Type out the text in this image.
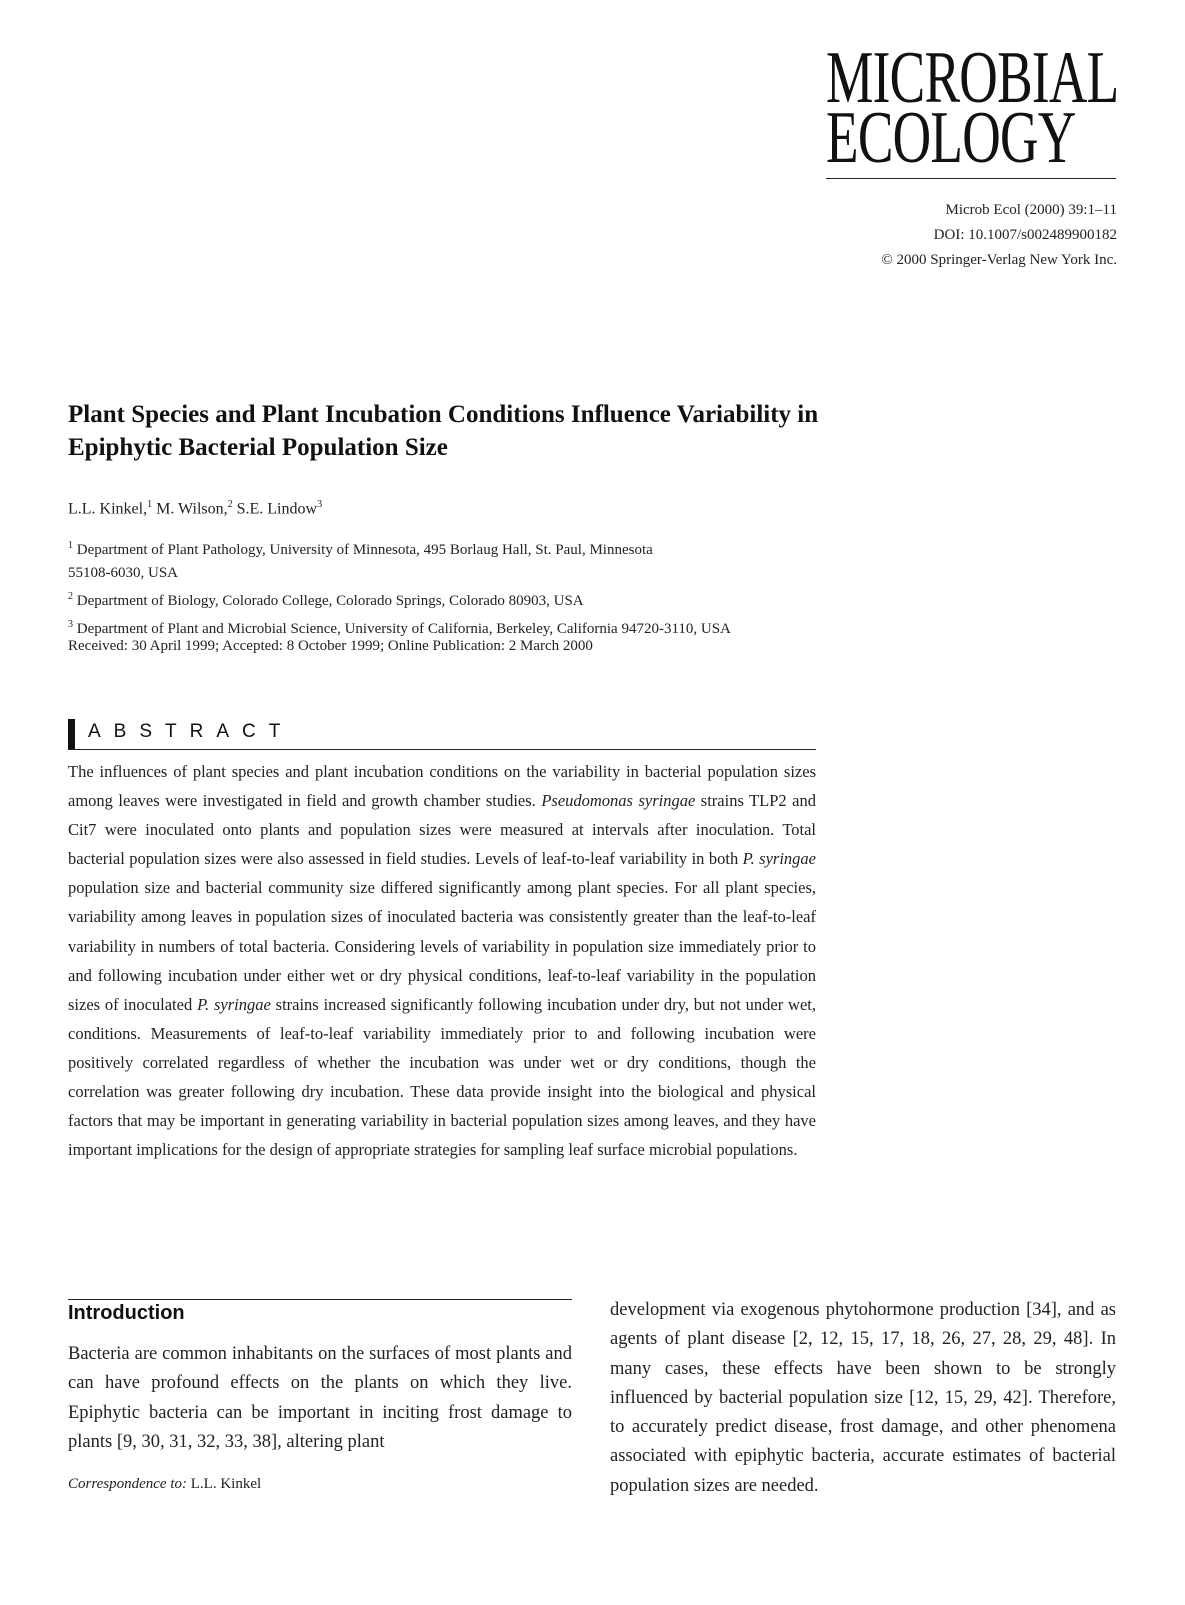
MICROBIAL
ECOLOGY
Microb Ecol (2000) 39:1–11
DOI: 10.1007/s002489900182
© 2000 Springer-Verlag New York Inc.
Plant Species and Plant Incubation Conditions Influence Variability in Epiphytic Bacterial Population Size
L.L. Kinkel,$^1$ M. Wilson,$^2$ S.E. Lindow$^3$
$^1$ Department of Plant Pathology, University of Minnesota, 495 Borlaug Hall, St. Paul, Minnesota
55108-6030, USA
$^2$ Department of Biology, Colorado College, Colorado Springs, Colorado 80903, USA
$^3$ Department of Plant and Microbial Science, University of California, Berkeley, California 94720-3110, USA
Received: 30 April 1999; Accepted: 8 October 1999; Online Publication: 2 March 2000
ABSTRACT

The influences of plant species and plant incubation conditions on the variability in bacterial population sizes among leaves were investigated in field and growth chamber studies. Pseudomonas syringae strains TLP2 and Cit7 were inoculated onto plants and population sizes were measured at intervals after inoculation. Total bacterial population sizes were also assessed in field studies. Levels of leaf-to-leaf variability in both P. syringae population size and bacterial community size differed significantly among plant species. For all plant species, variability among leaves in population sizes of inoculated bacteria was consistently greater than the leaf-to-leaf variability in numbers of total bacteria. Considering levels of variability in population size immediately prior to and following incubation under either wet or dry physical conditions, leaf-to-leaf variability in the population sizes of inoculated P. syringae strains increased significantly following incubation under dry, but not under wet, conditions. Measurements of leaf-to-leaf variability immediately prior to and following incubation were positively correlated regardless of whether the incubation was under wet or dry conditions, though the correlation was greater following dry incubation. These data provide insight into the biological and physical factors that may be important in generating variability in bacterial population sizes among leaves, and they have important implications for the design of appropriate strategies for sampling leaf surface microbial populations.

Introduction

Bacteria are common inhabitants on the surfaces of most plants and can have profound effects on the plants on which they live. Epiphytic bacteria can be important in inciting frost damage to plants [9, 30, 31, 32, 33, 38], altering plant

development via exogenous phytohormone production [34], and as agents of plant disease [2, 12, 15, 17, 18, 26, 27, 28, 29, 48]. In many cases, these effects have been shown to be strongly influenced by bacterial population size [12, 15, 29, 42]. Therefore, to accurately predict disease, frost damage, and other phenomena associated with epiphytic bacteria, accurate estimates of bacterial population sizes are needed.

Correspondence to: L.L. Kinkel
